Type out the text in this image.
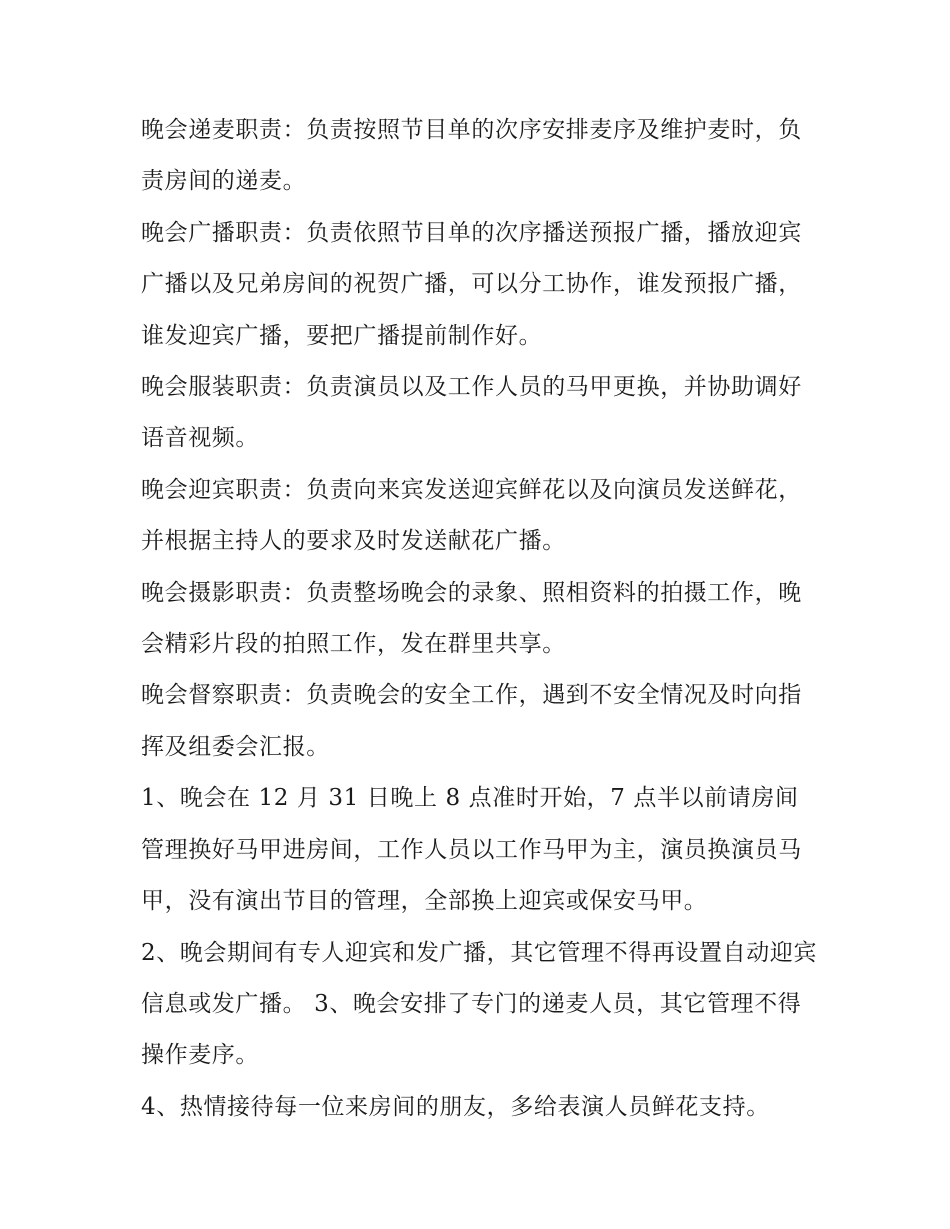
晚会递麦职责：负责按照节目单的次序安排麦序及维护麦时，负责房间的递麦。

晚会广播职责：负责依照节目单的次序播送预报广播，播放迎宾广播以及兄弟房间的祝贺广播，可以分工协作，谁发预报广播，谁发迎宾广播，要把广播提前制作好。

晚会服装职责：负责演员以及工作人员的马甲更换，并协助调好语音视频。

晚会迎宾职责：负责向来宾发送迎宾鲜花以及向演员发送鲜花，并根据主持人的要求及时发送献花广播。

晚会摄影职责：负责整场晚会的录象、照相资料的拍摄工作，晚会精彩片段的拍照工作，发在群里共享。

晚会督察职责：负责晚会的安全工作，遇到不安全情况及时向指挥及组委会汇报。

1、晚会在 12 月 31 日晚上 8 点准时开始，7 点半以前请房间管理换好马甲进房间，工作人员以工作马甲为主，演员换演员马甲，没有演出节目的管理，全部换上迎宾或保安马甲。

2、晚会期间有专人迎宾和发广播，其它管理不得再设置自动迎宾信息或发广播。 3、晚会安排了专门的递麦人员，其它管理不得操作麦序。

4、热情接待每一位来房间的朋友，多给表演人员鲜花支持。
